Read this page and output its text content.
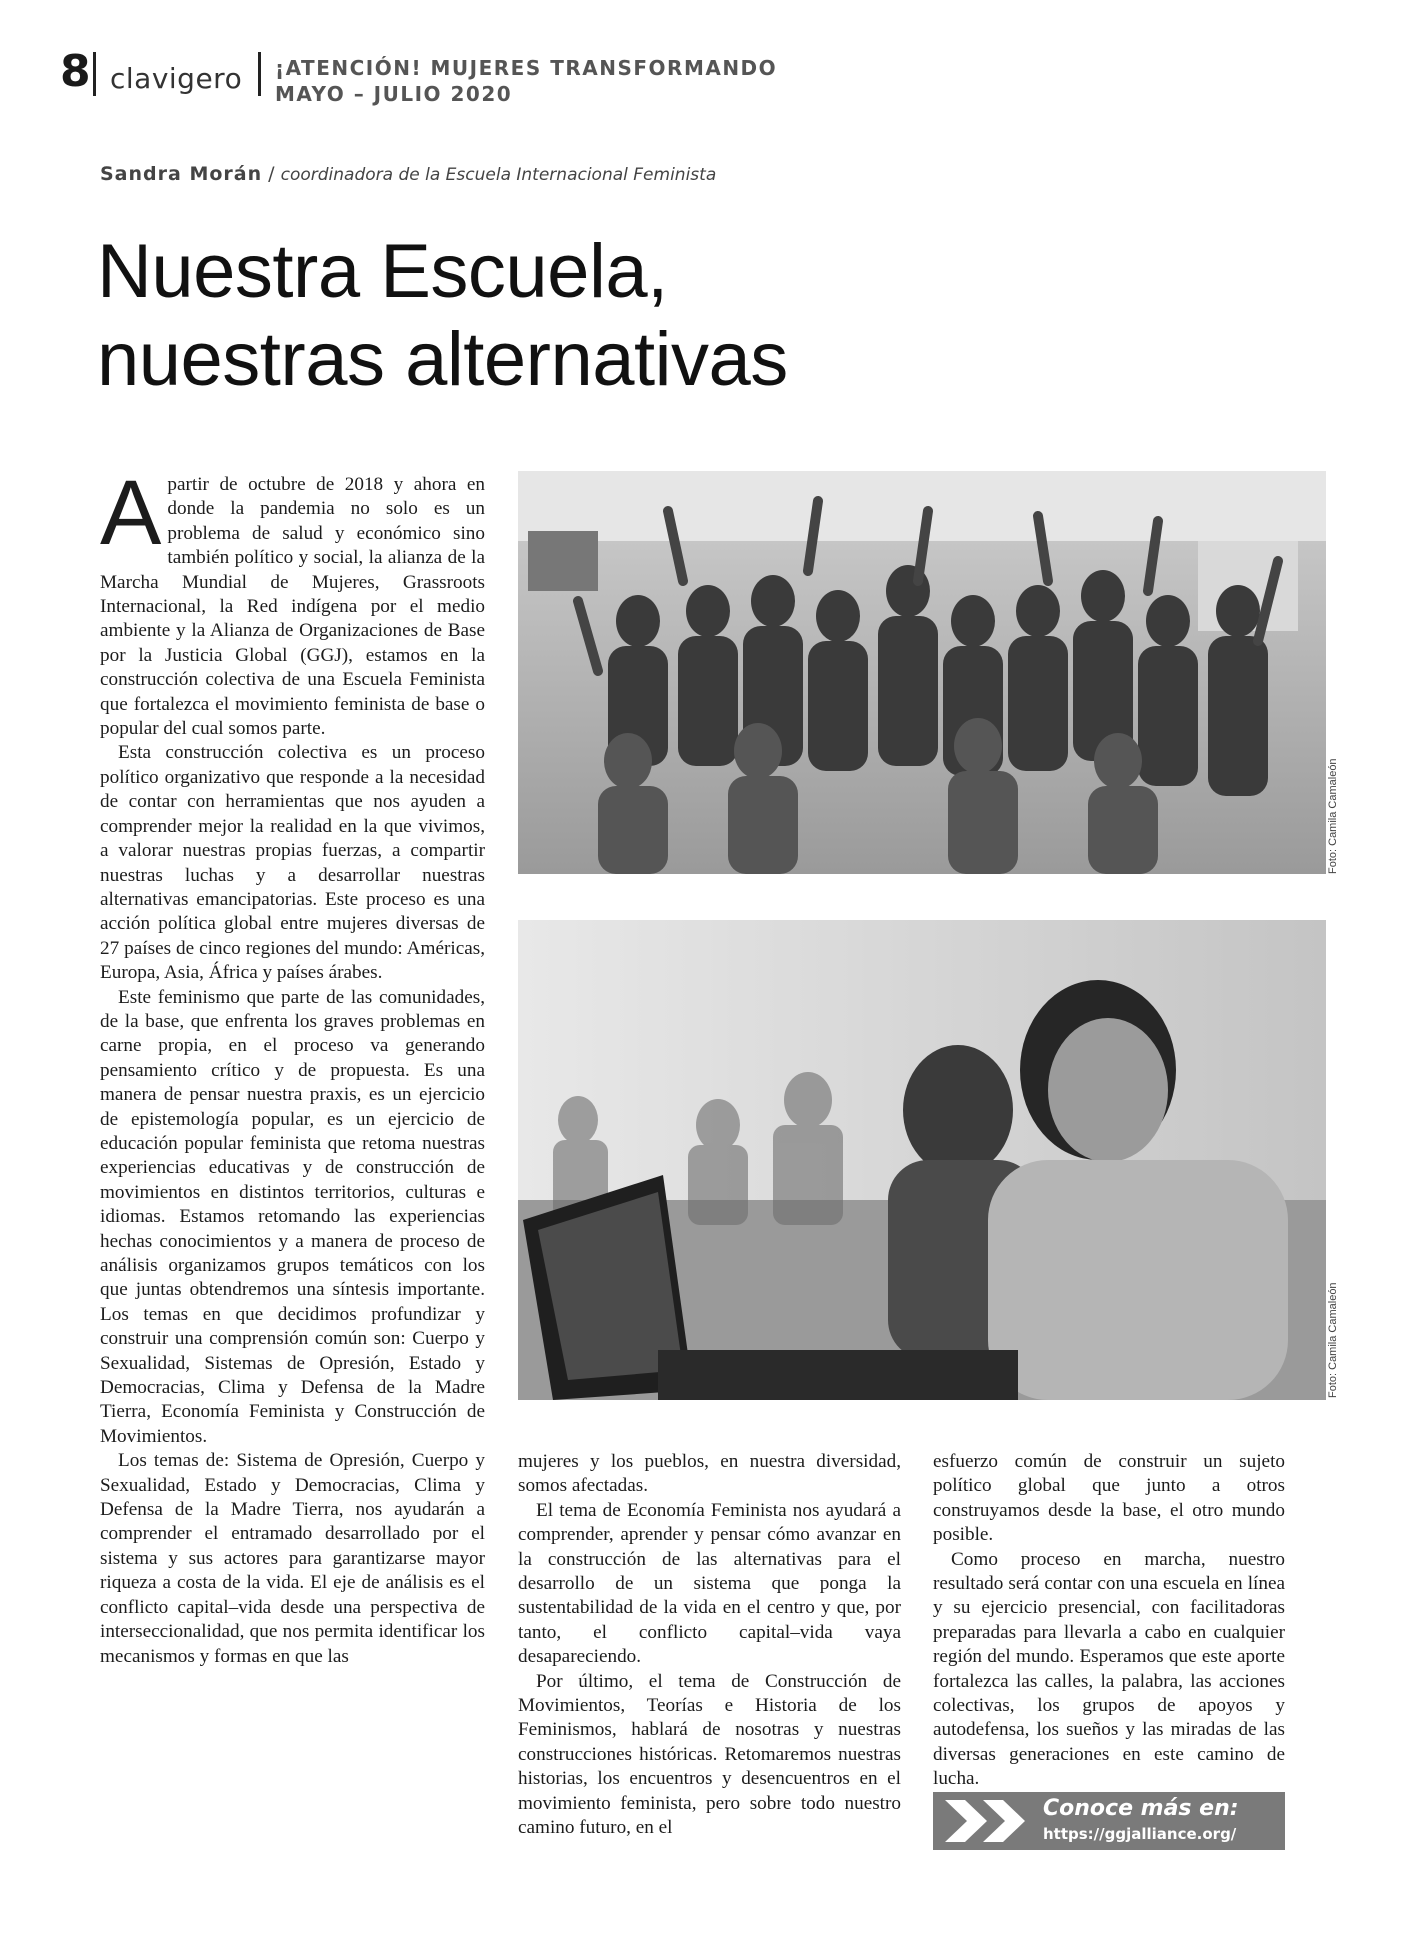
8 clavigero ¡ATENCIÓN! MUJERES TRANSFORMANDO
MAYO – JULIO 2020
Sandra Morán / coordinadora de la Escuela Internacional Feminista
Nuestra Escuela,
nuestras alternativas
Foto: Camila Camaleón
Foto: Camila Camaleón

Apartir de octubre de 2018 y ahora en donde la pandemia no solo es un problema de salud y económico sino también político y social, la alianza de la Marcha Mundial de Mujeres, Grassroots Internacional, la Red indígena por el medio ambiente y la Alianza de Organizaciones de Base por la Justicia Global (GGJ), estamos en la construcción colectiva de una Escuela Feminista que fortalezca el movimiento feminista de base o popular del cual somos parte.

Esta construcción colectiva es un proceso político organizativo que responde a la necesidad de contar con herramientas que nos ayuden a comprender mejor la realidad en la que vivimos, a valorar nuestras propias fuerzas, a compartir nuestras luchas y a desarrollar nuestras alternativas emancipatorias. Este proceso es una acción política global entre mujeres diversas de 27 países de cinco regiones del mundo: Américas, Europa, Asia, África y países árabes.

Este feminismo que parte de las comunidades, de la base, que enfrenta los graves problemas en carne propia, en el proceso va generando pensamiento crítico y de propuesta. Es una manera de pensar nuestra praxis, es un ejercicio de epistemología popular, es un ejercicio de educación popular feminista que retoma nuestras experiencias educativas y de construcción de movimientos en distintos territorios, culturas e idiomas. Estamos retomando las experiencias hechas conocimientos y a manera de proceso de análisis organizamos grupos temáticos con los que juntas obtendremos una síntesis importante. Los temas en que decidimos profundizar y construir una comprensión común son: Cuerpo y Sexualidad, Sistemas de Opresión, Estado y Democracias, Clima y Defensa de la Madre Tierra, Economía Feminista y Construcción de Movimientos.

Los temas de: Sistema de Opresión, Cuerpo y Sexualidad, Estado y Democracias, Clima y Defensa de la Madre Tierra, nos ayudarán a comprender el entramado desarrollado por el sistema y sus actores para garantizarse mayor riqueza a costa de la vida. El eje de análisis es el conflicto capital–vida desde una perspectiva de interseccionalidad, que nos permita identificar los mecanismos y formas en que las

mujeres y los pueblos, en nuestra diversidad, somos afectadas.

El tema de Economía Feminista nos ayudará a comprender, aprender y pensar cómo avanzar en la construcción de las alternativas para el desarrollo de un sistema que ponga la sustentabilidad de la vida en el centro y que, por tanto, el conflicto capital–vida vaya desapareciendo.

Por último, el tema de Construcción de Movimientos, Teorías e Historia de los Feminismos, hablará de nosotras y nuestras construcciones históricas. Retomaremos nuestras historias, los encuentros y desencuentros en el movimiento feminista, pero sobre todo nuestro camino futuro, en el

esfuerzo común de construir un sujeto político global que junto a otros construyamos desde la base, el otro mundo posible.

Como proceso en marcha, nuestro resultado será contar con una escuela en línea y su ejercicio presencial, con facilitadoras preparadas para llevarla a cabo en cualquier región del mundo. Esperamos que este aporte fortalezca las calles, la palabra, las acciones colectivas, los grupos de apoyos y autodefensa, los sueños y las miradas de las diversas generaciones en este camino de lucha.

Conoce más en:
https://ggjalliance.org/
